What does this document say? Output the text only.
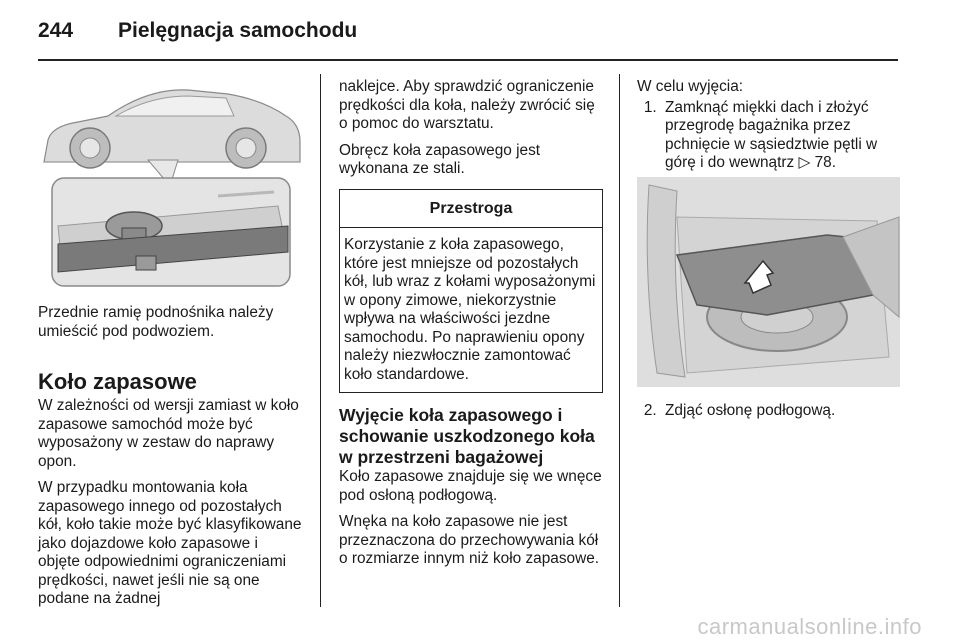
244	Pielęgnacja samochodu

Przednie ramię podnośnika należy umieścić pod podwoziem.

Koło zapasowe

W zależności od wersji zamiast w koło zapasowe samochód może być wyposażony w zestaw do naprawy opon.

W przypadku montowania koła zapasowego innego od pozostałych kół, koło takie może być klasyfikowane jako dojazdowe koło zapasowe i objęte odpowiednimi ograniczeniami prędkości, nawet jeśli nie są one podane na żadnej

naklejce. Aby sprawdzić ograniczenie prędkości dla koła, należy zwrócić się o pomoc do warsztatu.

Obręcz koła zapasowego jest wykonana ze stali.

Przestroga
Korzystanie z koła zapasowego, które jest mniejsze od pozostałych kół, lub wraz z kołami wyposażonymi w opony zimowe, niekorzystnie wpływa na właściwości jezdne samochodu. Po naprawieniu opony należy niezwłocznie zamontować koło standardowe.
Wyjęcie koła zapasowego i schowanie uszkodzonego koła w przestrzeni bagażowej

Koło zapasowe znajduje się we wnęce pod osłoną podłogową.

Wnęka na koło zapasowe nie jest przeznaczona do przechowywania kół o rozmiarze innym niż koło zapasowe.

W celu wyjęcia:

1. Zamknąć miękki dach i złożyć przegrodę bagażnika przez pchnięcie w sąsiedztwie pętli w górę i do wewnątrz ▷ 78.
2. Zdjąć osłonę podłogową.
carmanualsonline.info
